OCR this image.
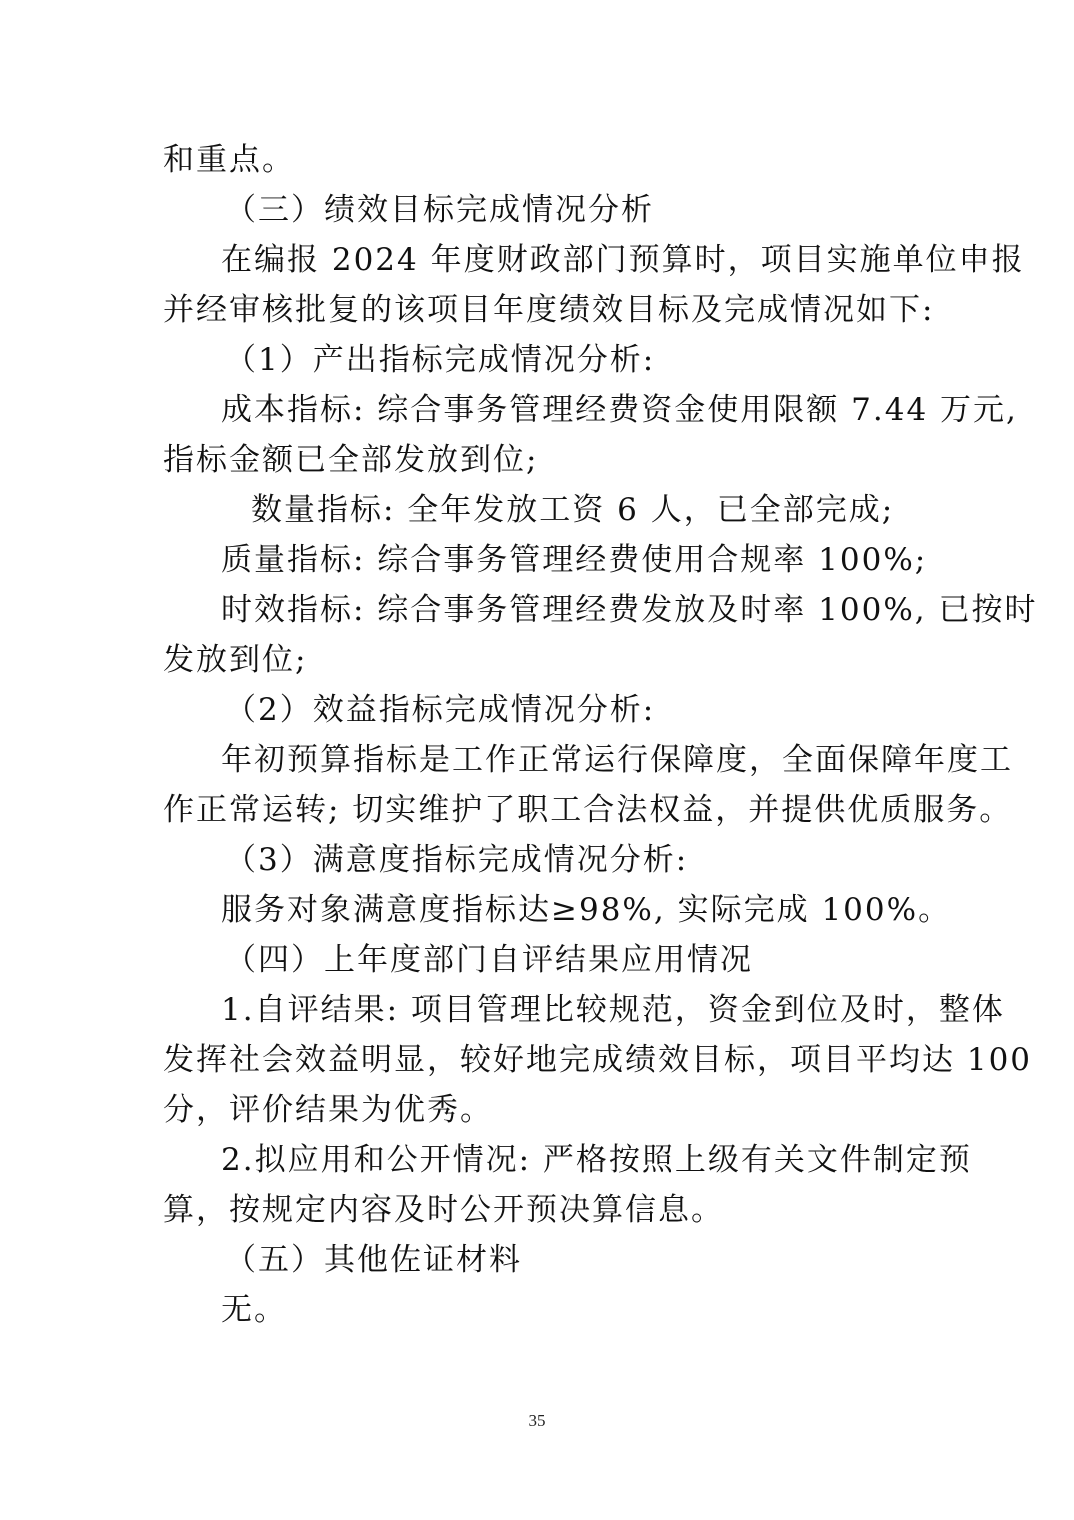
和重点。
（三）绩效目标完成情况分析
在编报 2024 年度财政部门预算时，项目实施单位申报
并经审核批复的该项目年度绩效目标及完成情况如下:
（1）产出指标完成情况分析:
成本指标: 综合事务管理经费资金使用限额 7.44 万元,
指标金额已全部发放到位;
数量指标: 全年发放工资 6 人，已全部完成;
质量指标: 综合事务管理经费使用合规率 100%;
时效指标: 综合事务管理经费发放及时率 100%, 已按时
发放到位;
（2）效益指标完成情况分析:
年初预算指标是工作正常运行保障度，全面保障年度工
作正常运转; 切实维护了职工合法权益，并提供优质服务。
（3）满意度指标完成情况分析:
服务对象满意度指标达≥98%, 实际完成 100%。
（四）上年度部门自评结果应用情况
1.自评结果: 项目管理比较规范，资金到位及时，整体
发挥社会效益明显，较好地完成绩效目标，项目平均达 100
分，评价结果为优秀。
2.拟应用和公开情况: 严格按照上级有关文件制定预
算，按规定内容及时公开预决算信息。
（五）其他佐证材料
无。
35
